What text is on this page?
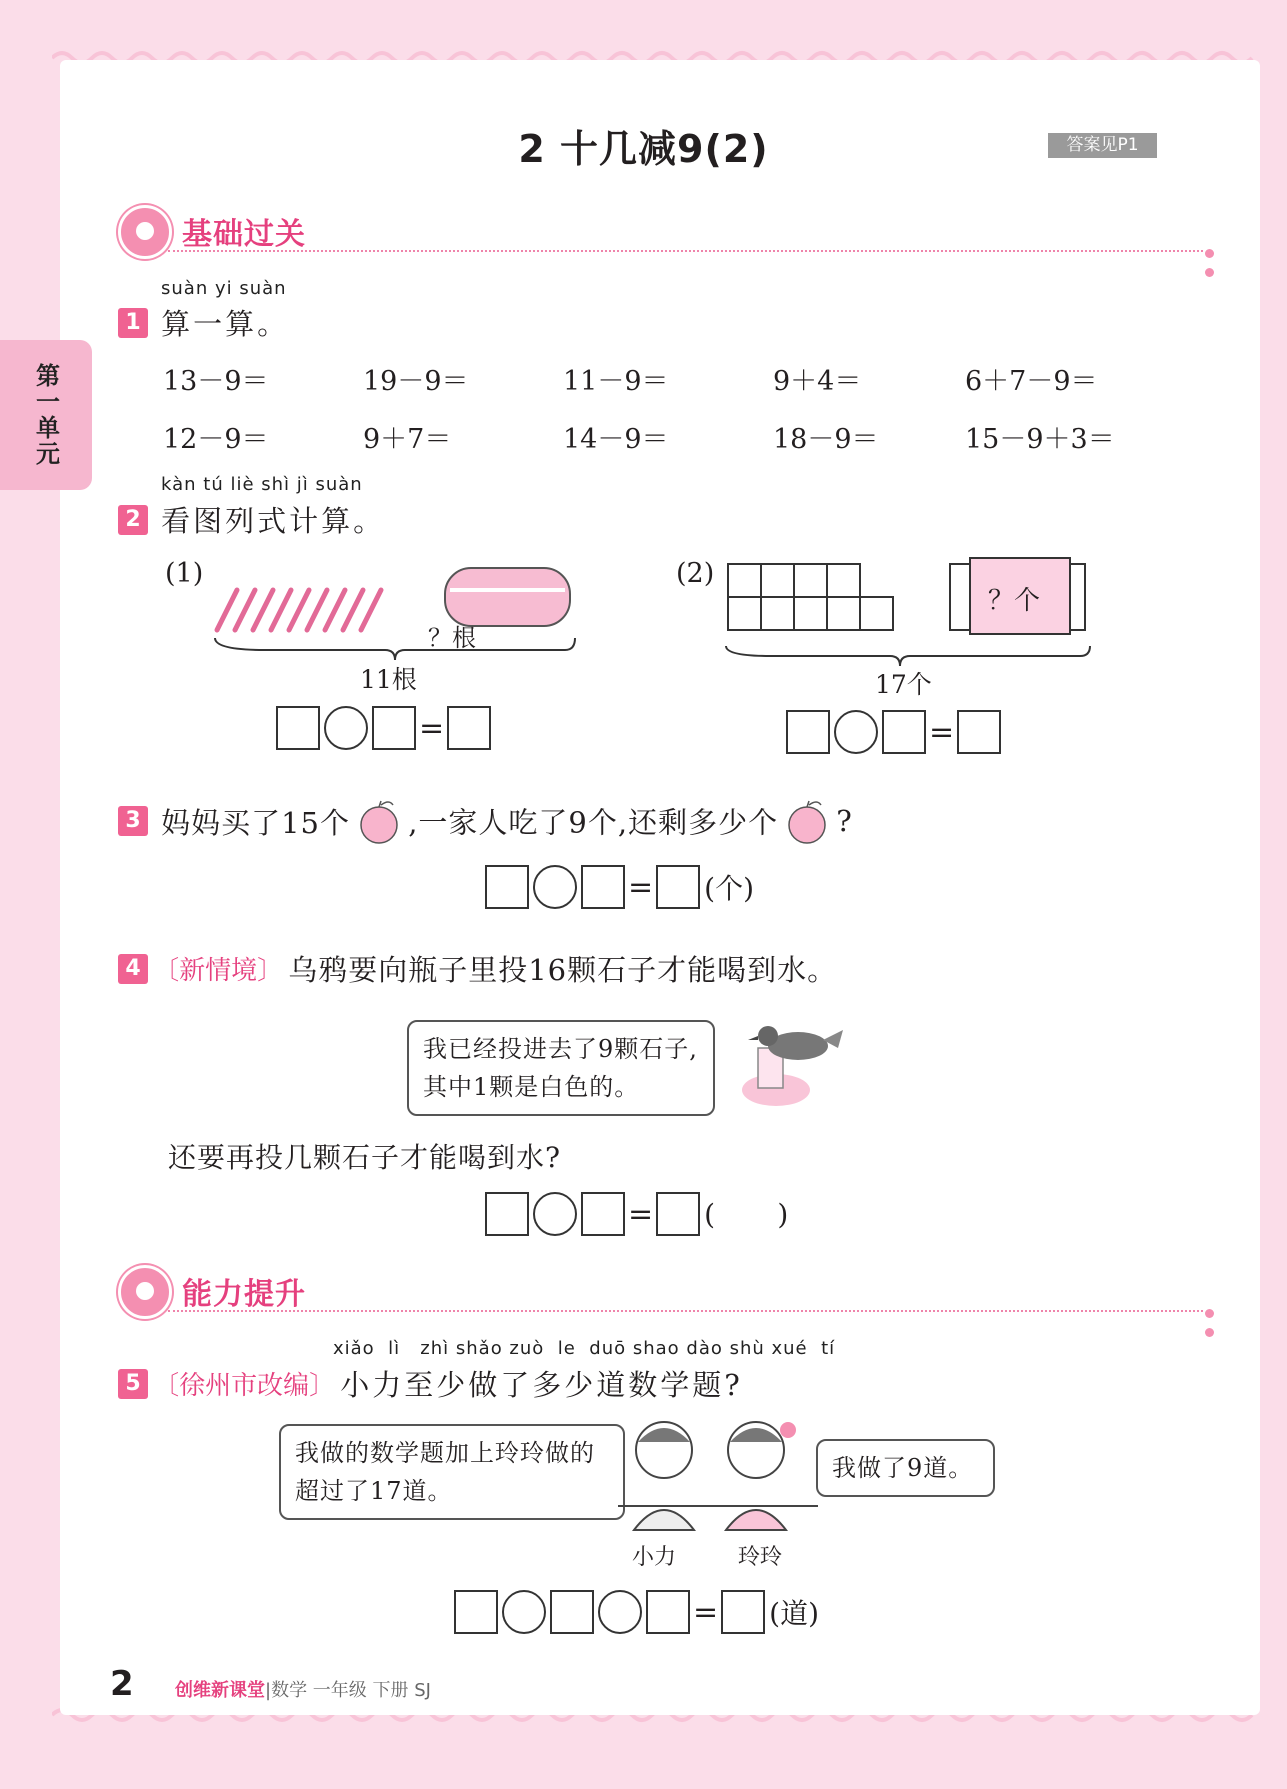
第一单元
2 十几减9(2)	答案见P1
基础过关
suàn yi suàn
1 算一算。
13－9＝	19－9＝	11－9＝	9＋4＝	6＋7－9＝
12－9＝	9＋7＝	14－9＝	18－9＝	15－9＋3＝
kàn tú liè shì jì suàn
2 看图列式计算。
(1)
？根
11根
=
(2)
？个
17个
=
3 妈妈买了15个 ,一家人吃了9个,还剩多少个 ?
= (个)
4 〔新情境〕 乌鸦要向瓶子里投16颗石子才能喝到水。
我已经投进去了9颗石子,其中1颗是白色的。
还要再投几颗石子才能喝到水?
= (       )
能力提升
xiǎo  lì   zhì shǎo zuò  le  duō shao dào shù xué  tí
5 〔徐州市改编〕 小力至少做了多少道数学题?
我做的数学题加上玲玲做的超过了17道。
我做了9道。
小力	玲玲
= (道)
2 创维新课堂|数学 一年级 下册 SJ
